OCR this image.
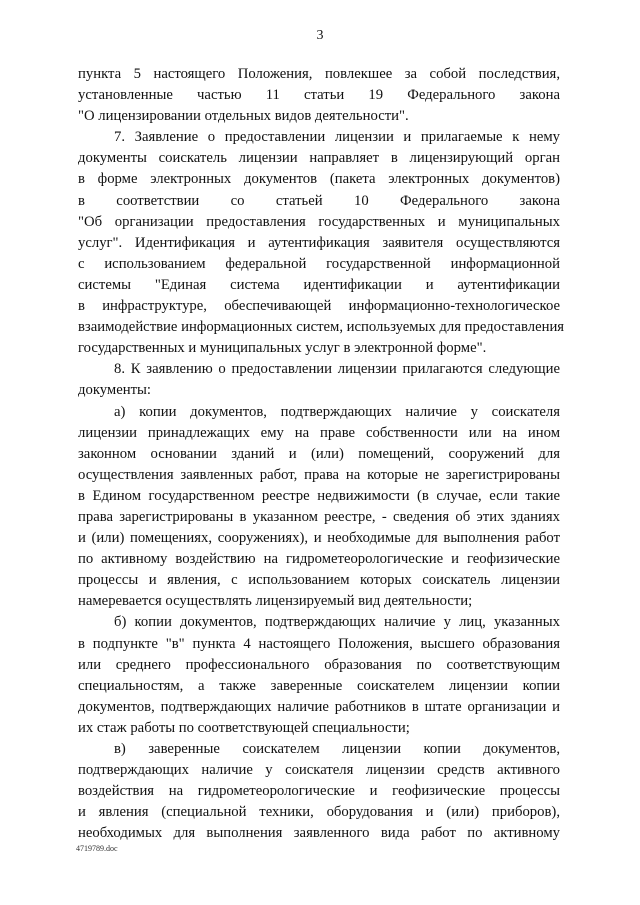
3
пункта 5 настоящего Положения, повлекшее за собой последствия,
установленные частью 11 статьи 19 Федерального закона
"О лицензировании отдельных видов деятельности".
7. Заявление о предоставлении лицензии и прилагаемые к нему
документы соискатель лицензии направляет в лицензирующий орган
в форме электронных документов (пакета электронных документов)
в соответствии со статьей 10 Федерального закона
"Об организации предоставления государственных и муниципальных
услуг". Идентификация и аутентификация заявителя осуществляются
с использованием федеральной государственной информационной
системы "Единая система идентификации и аутентификации
в инфраструктуре, обеспечивающей информационно-технологическое
взаимодействие информационных систем, используемых для предоставления
государственных и муниципальных услуг в электронной форме".
8. К заявлению о предоставлении лицензии прилагаются следующие
документы:
а) копии документов, подтверждающих наличие у соискателя
лицензии принадлежащих ему на праве собственности или на ином
законном основании зданий и (или) помещений, сооружений для
осуществления заявленных работ, права на которые не зарегистрированы
в Едином государственном реестре недвижимости (в случае, если такие
права зарегистрированы в указанном реестре, - сведения об этих зданиях
и (или) помещениях, сооружениях), и необходимые для выполнения работ
по активному воздействию на гидрометеорологические и геофизические
процессы и явления, с использованием которых соискатель лицензии
намеревается осуществлять лицензируемый вид деятельности;
б) копии документов, подтверждающих наличие у лиц, указанных
в подпункте "в" пункта 4 настоящего Положения, высшего образования
или среднего профессионального образования по соответствующим
специальностям, а также заверенные соискателем лицензии копии
документов, подтверждающих наличие работников в штате организации и
их стаж работы по соответствующей специальности;
в) заверенные соискателем лицензии копии документов,
подтверждающих наличие у соискателя лицензии средств активного
воздействия на гидрометеорологические и геофизические процессы
и явления (специальной техники, оборудования и (или) приборов),
необходимых для выполнения заявленного вида работ по активному
4719789.doc
